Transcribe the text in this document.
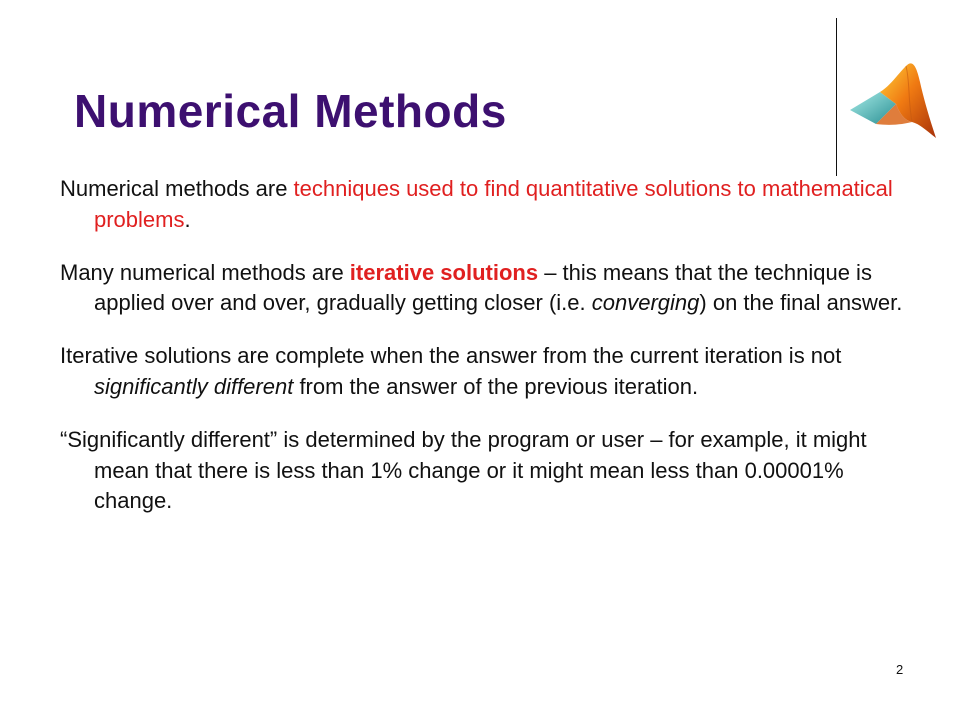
Numerical Methods

Numerical methods are techniques used to find quantitative solutions to mathematical problems.

Many numerical methods are iterative solutions – this means that the technique is applied over and over, gradually getting closer (i.e. converging) on the final answer.

Iterative solutions are complete when the answer from the current iteration is not significantly different from the answer of the previous iteration.

“Significantly different” is determined by the program or user – for example, it might mean that there is less than 1% change or it might mean less than 0.00001% change.

2
